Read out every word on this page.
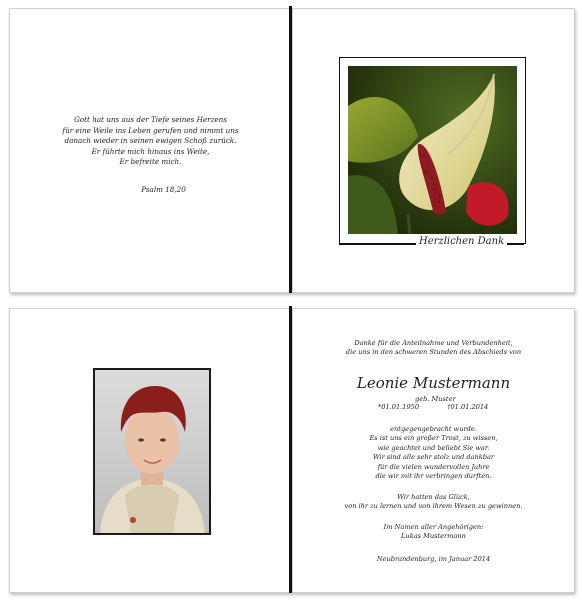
Gott hat uns aus der Tiefe seines Herzens
für eine Weile ins Leben gerufen und nimmt uns
danach wieder in seinen ewigen Schoß zurück.
Er führte mich hinaus ins Weite,
Er befreite mich.
Psalm 18,20
Herzlichen Dank
Danke für die Anteilnahme und Verbundenheit,
die uns in den schweren Stunden des Abschieds von
Leonie Mustermann
geb. Muster
*01.01.1950	†01.01.2014
entgegengebracht wurde.
Es ist uns ein großer Trost, zu wissen,
wie geachtet und beliebt Sie war.
Wir sind alle sehr stolz und dankbar
für die vielen wundervollen Jahre
die wir mit ihr verbringen durften.
Wir hatten das Glück,
von ihr zu lernen und von ihrem Wesen zu gewinnen.
Im Namen aller Angehörigen:
Lukas Mustermann
Neubrandenburg, im Januar 2014
